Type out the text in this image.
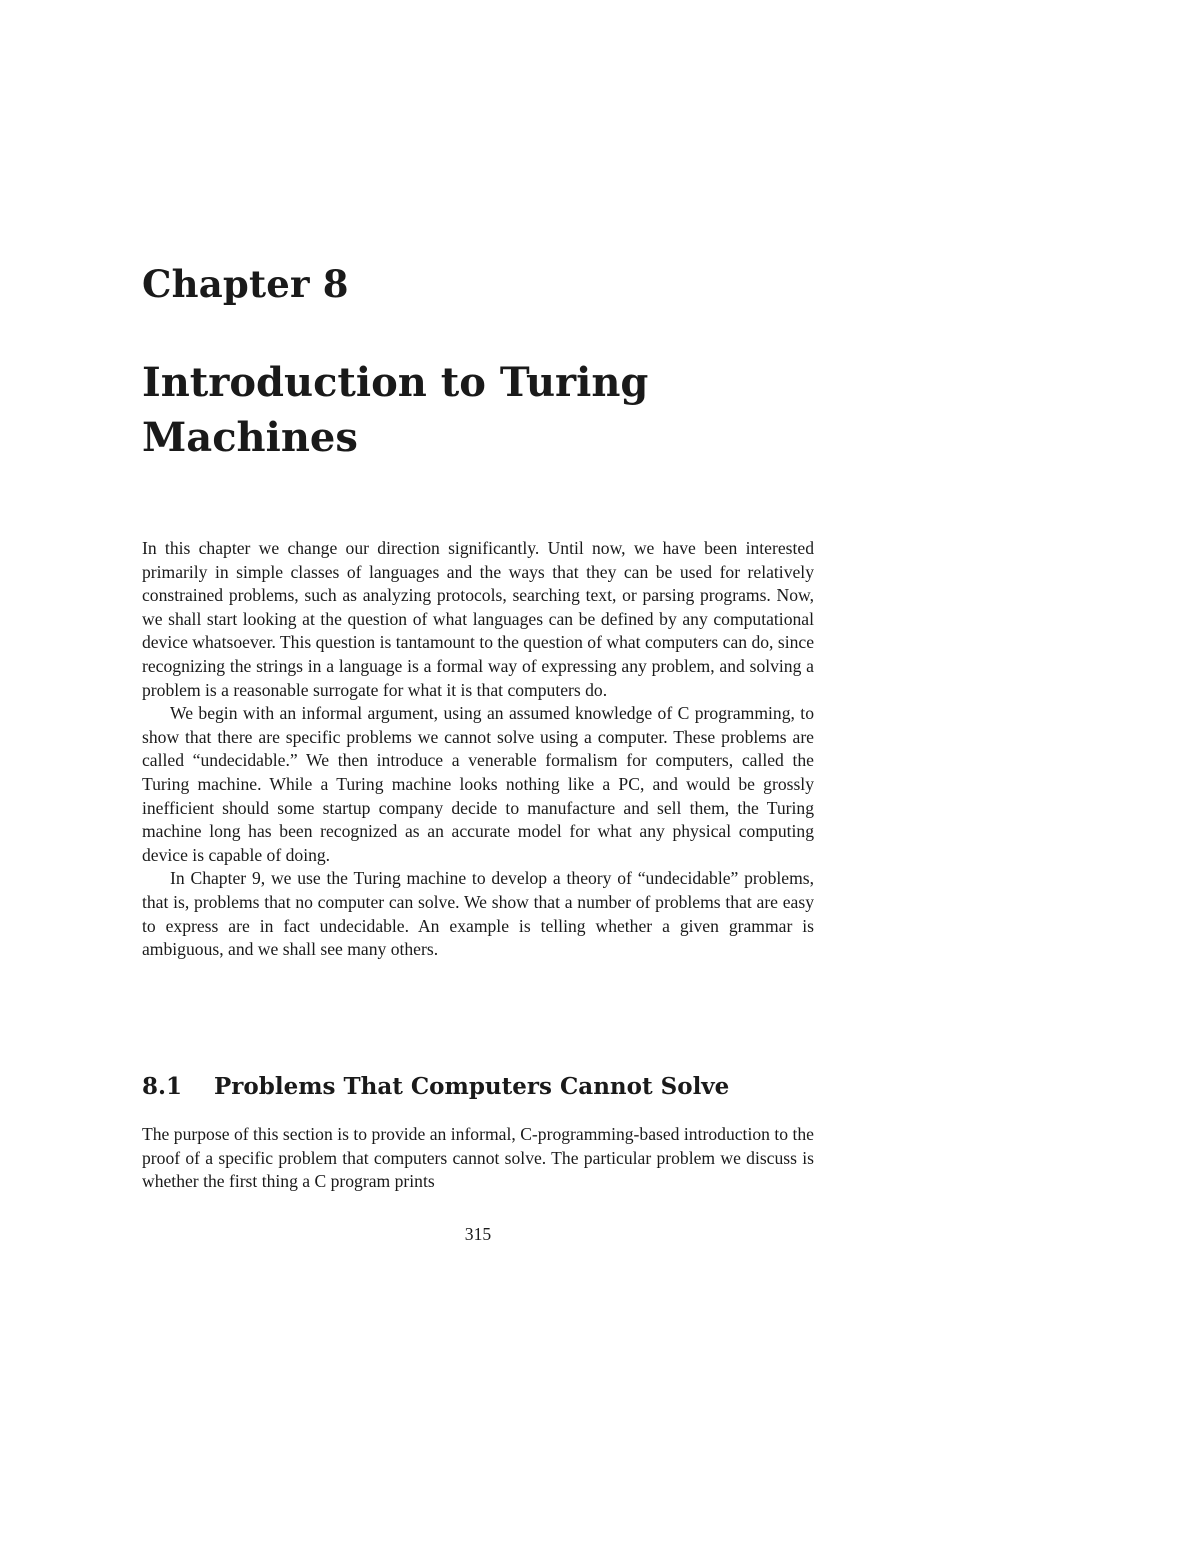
Chapter 8
Introduction to Turing Machines

In this chapter we change our direction significantly. Until now, we have been interested primarily in simple classes of languages and the ways that they can be used for relatively constrained problems, such as analyzing protocols, searching text, or parsing programs. Now, we shall start looking at the question of what languages can be defined by any computational device whatsoever. This question is tantamount to the question of what computers can do, since recognizing the strings in a language is a formal way of expressing any problem, and solving a problem is a reasonable surrogate for what it is that computers do.

We begin with an informal argument, using an assumed knowledge of C programming, to show that there are specific problems we cannot solve using a computer. These problems are called “undecidable.” We then introduce a venerable formalism for computers, called the Turing machine. While a Turing machine looks nothing like a PC, and would be grossly inefficient should some startup company decide to manufacture and sell them, the Turing machine long has been recognized as an accurate model for what any physical computing device is capable of doing.

In Chapter 9, we use the Turing machine to develop a theory of “undecidable” problems, that is, problems that no computer can solve. We show that a number of problems that are easy to express are in fact undecidable. An example is telling whether a given grammar is ambiguous, and we shall see many others.

8.1 Problems That Computers Cannot Solve

The purpose of this section is to provide an informal, C-programming-based introduction to the proof of a specific problem that computers cannot solve. The particular problem we discuss is whether the first thing a C program prints

315
